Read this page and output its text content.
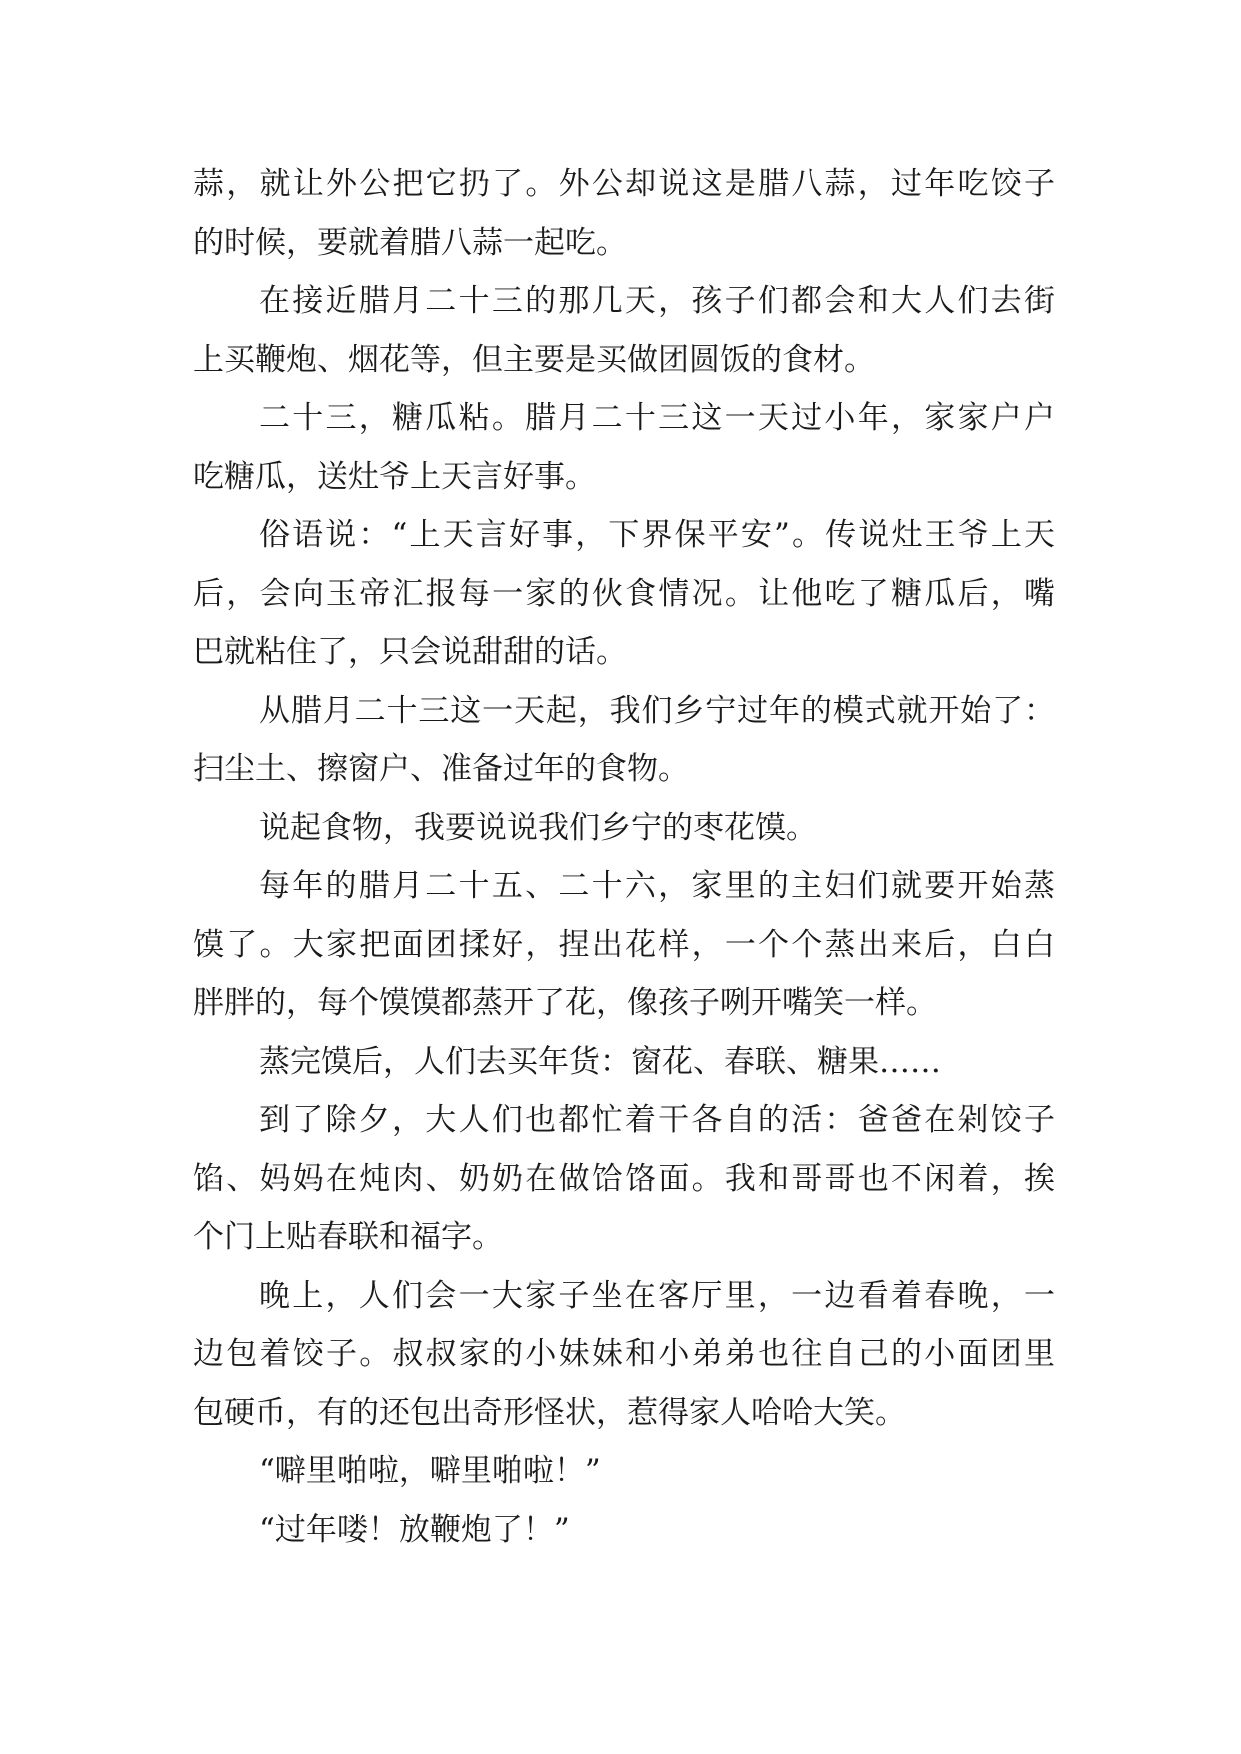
蒜，就让外公把它扔了。外公却说这是腊八蒜，过年吃饺子
的时候，要就着腊八蒜一起吃。
在接近腊月二十三的那几天，孩子们都会和大人们去街
上买鞭炮、烟花等，但主要是买做团圆饭的食材。
二十三，糖瓜粘。腊月二十三这一天过小年，家家户户
吃糖瓜，送灶爷上天言好事。
俗语说：“上天言好事，下界保平安”。传说灶王爷上天
后，会向玉帝汇报每一家的伙食情况。让他吃了糖瓜后，嘴
巴就粘住了，只会说甜甜的话。
从腊月二十三这一天起，我们乡宁过年的模式就开始了：
扫尘土、擦窗户、准备过年的食物。
说起食物，我要说说我们乡宁的枣花馍。
每年的腊月二十五、二十六，家里的主妇们就要开始蒸
馍了。大家把面团揉好，捏出花样，一个个蒸出来后，白白
胖胖的，每个馍馍都蒸开了花，像孩子咧开嘴笑一样。
蒸完馍后，人们去买年货：窗花、春联、糖果……
到了除夕，大人们也都忙着干各自的活：爸爸在剁饺子
馅、妈妈在炖肉、奶奶在做饸饹面。我和哥哥也不闲着，挨
个门上贴春联和福字。
晚上，人们会一大家子坐在客厅里，一边看着春晚，一
边包着饺子。叔叔家的小妹妹和小弟弟也往自己的小面团里
包硬币，有的还包出奇形怪状，惹得家人哈哈大笑。
“噼里啪啦，噼里啪啦！”
“过年喽！放鞭炮了！”
